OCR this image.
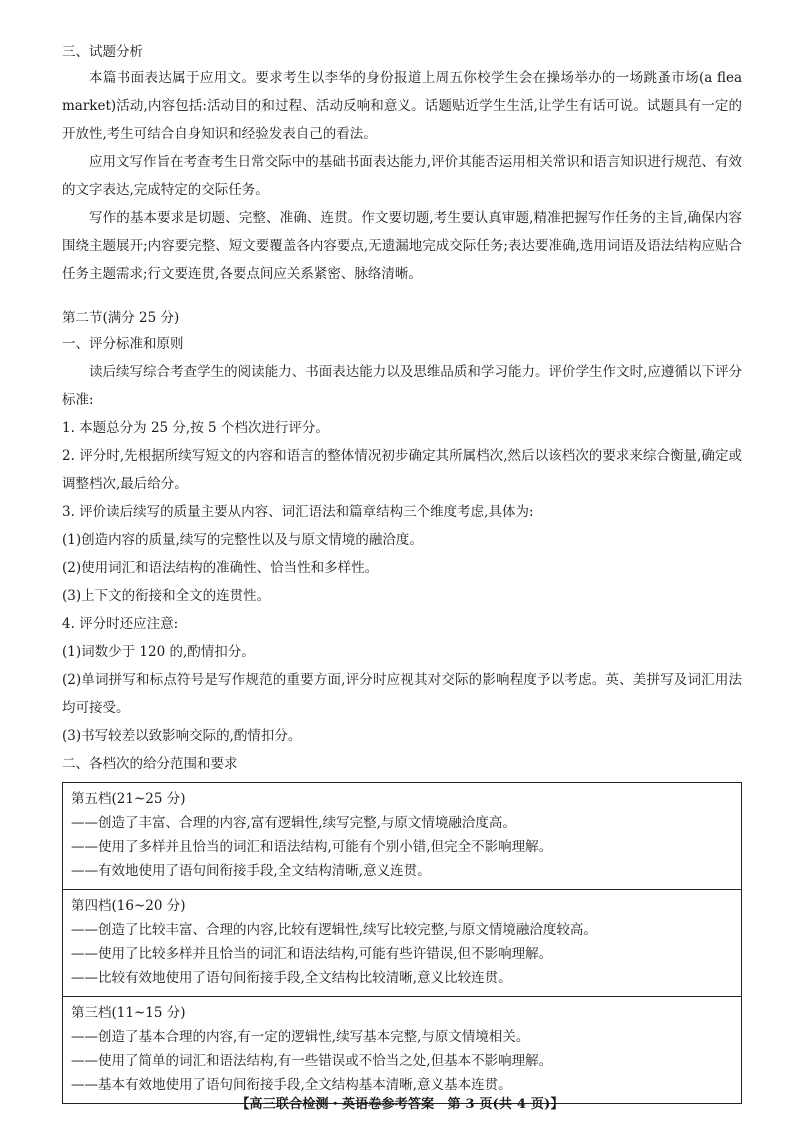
三、试题分析

本篇书面表达属于应用文。要求考生以李华的身份报道上周五你校学生会在操场举办的一场跳蚤市场(a flea market)活动,内容包括:活动目的和过程、活动反响和意义。话题贴近学生生活,让学生有话可说。试题具有一定的开放性,考生可结合自身知识和经验发表自己的看法。

应用文写作旨在考查考生日常交际中的基础书面表达能力,评价其能否运用相关常识和语言知识进行规范、有效的文字表达,完成特定的交际任务。

写作的基本要求是切题、完整、准确、连贯。作文要切题,考生要认真审题,精准把握写作任务的主旨,确保内容围绕主题展开;内容要完整、短文要覆盖各内容要点,无遗漏地完成交际任务;表达要准确,选用词语及语法结构应贴合任务主题需求;行文要连贯,各要点间应关系紧密、脉络清晰。

第二节(满分 25 分)

一、评分标准和原则

读后续写综合考查学生的阅读能力、书面表达能力以及思维品质和学习能力。评价学生作文时,应遵循以下评分标准:

1. 本题总分为 25 分,按 5 个档次进行评分。

2. 评分时,先根据所续写短文的内容和语言的整体情况初步确定其所属档次,然后以该档次的要求来综合衡量,确定或调整档次,最后给分。

3. 评价读后续写的质量主要从内容、词汇语法和篇章结构三个维度考虑,具体为:

(1)创造内容的质量,续写的完整性以及与原文情境的融洽度。

(2)使用词汇和语法结构的准确性、恰当性和多样性。

(3)上下文的衔接和全文的连贯性。

4. 评分时还应注意:

(1)词数少于 120 的,酌情扣分。

(2)单词拼写和标点符号是写作规范的重要方面,评分时应视其对交际的影响程度予以考虑。英、美拼写及词汇用法均可接受。

(3)书写较差以致影响交际的,酌情扣分。

二、各档次的给分范围和要求

第五档(21~25 分)

——创造了丰富、合理的内容,富有逻辑性,续写完整,与原文情境融洽度高。

——使用了多样并且恰当的词汇和语法结构,可能有个别小错,但完全不影响理解。

——有效地使用了语句间衔接手段,全文结构清晰,意义连贯。

第四档(16~20 分)

——创造了比较丰富、合理的内容,比较有逻辑性,续写比较完整,与原文情境融洽度较高。

——使用了比较多样并且恰当的词汇和语法结构,可能有些许错误,但不影响理解。

——比较有效地使用了语句间衔接手段,全文结构比较清晰,意义比较连贯。

第三档(11~15 分)

——创造了基本合理的内容,有一定的逻辑性,续写基本完整,与原文情境相关。

——使用了简单的词汇和语法结构,有一些错误或不恰当之处,但基本不影响理解。

——基本有效地使用了语句间衔接手段,全文结构基本清晰,意义基本连贯。

【高三联合检测・英语卷参考答案　第 3 页(共 4 页)】
